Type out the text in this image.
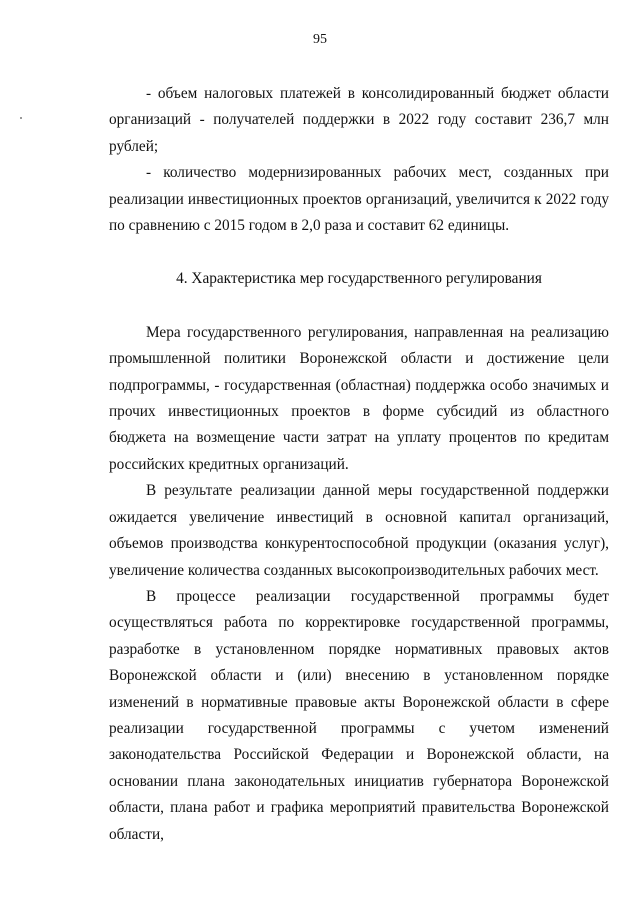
95

- объем налоговых платежей в консолидированный бюджет области организаций - получателей поддержки в 2022 году составит 236,7 млн рублей;

- количество модернизированных рабочих мест, созданных при реализации инвестиционных проектов организаций, увеличится к 2022 году по сравнению с 2015 годом в 2,0 раза и составит 62 единицы.

4. Характеристика мер государственного регулирования

Мера государственного регулирования, направленная на реализацию промышленной политики Воронежской области и достижение цели подпрограммы, - государственная (областная) поддержка особо значимых и прочих инвестиционных проектов в форме субсидий из областного бюджета на возмещение части затрат на уплату процентов по кредитам российских кредитных организаций.

В результате реализации данной меры государственной поддержки ожидается увеличение инвестиций в основной капитал организаций, объемов производства конкурентоспособной продукции (оказания услуг), увеличение количества созданных высокопроизводительных рабочих мест.

В процессе реализации государственной программы будет осуществляться работа по корректировке государственной программы, разработке в установленном порядке нормативных правовых актов Воронежской области и (или) внесению в установленном порядке изменений в нормативные правовые акты Воронежской области в сфере реализации государственной программы с учетом изменений законодательства Российской Федерации и Воронежской области, на основании плана законодательных инициатив губернатора Воронежской области, плана работ и графика мероприятий правительства Воронежской области,
